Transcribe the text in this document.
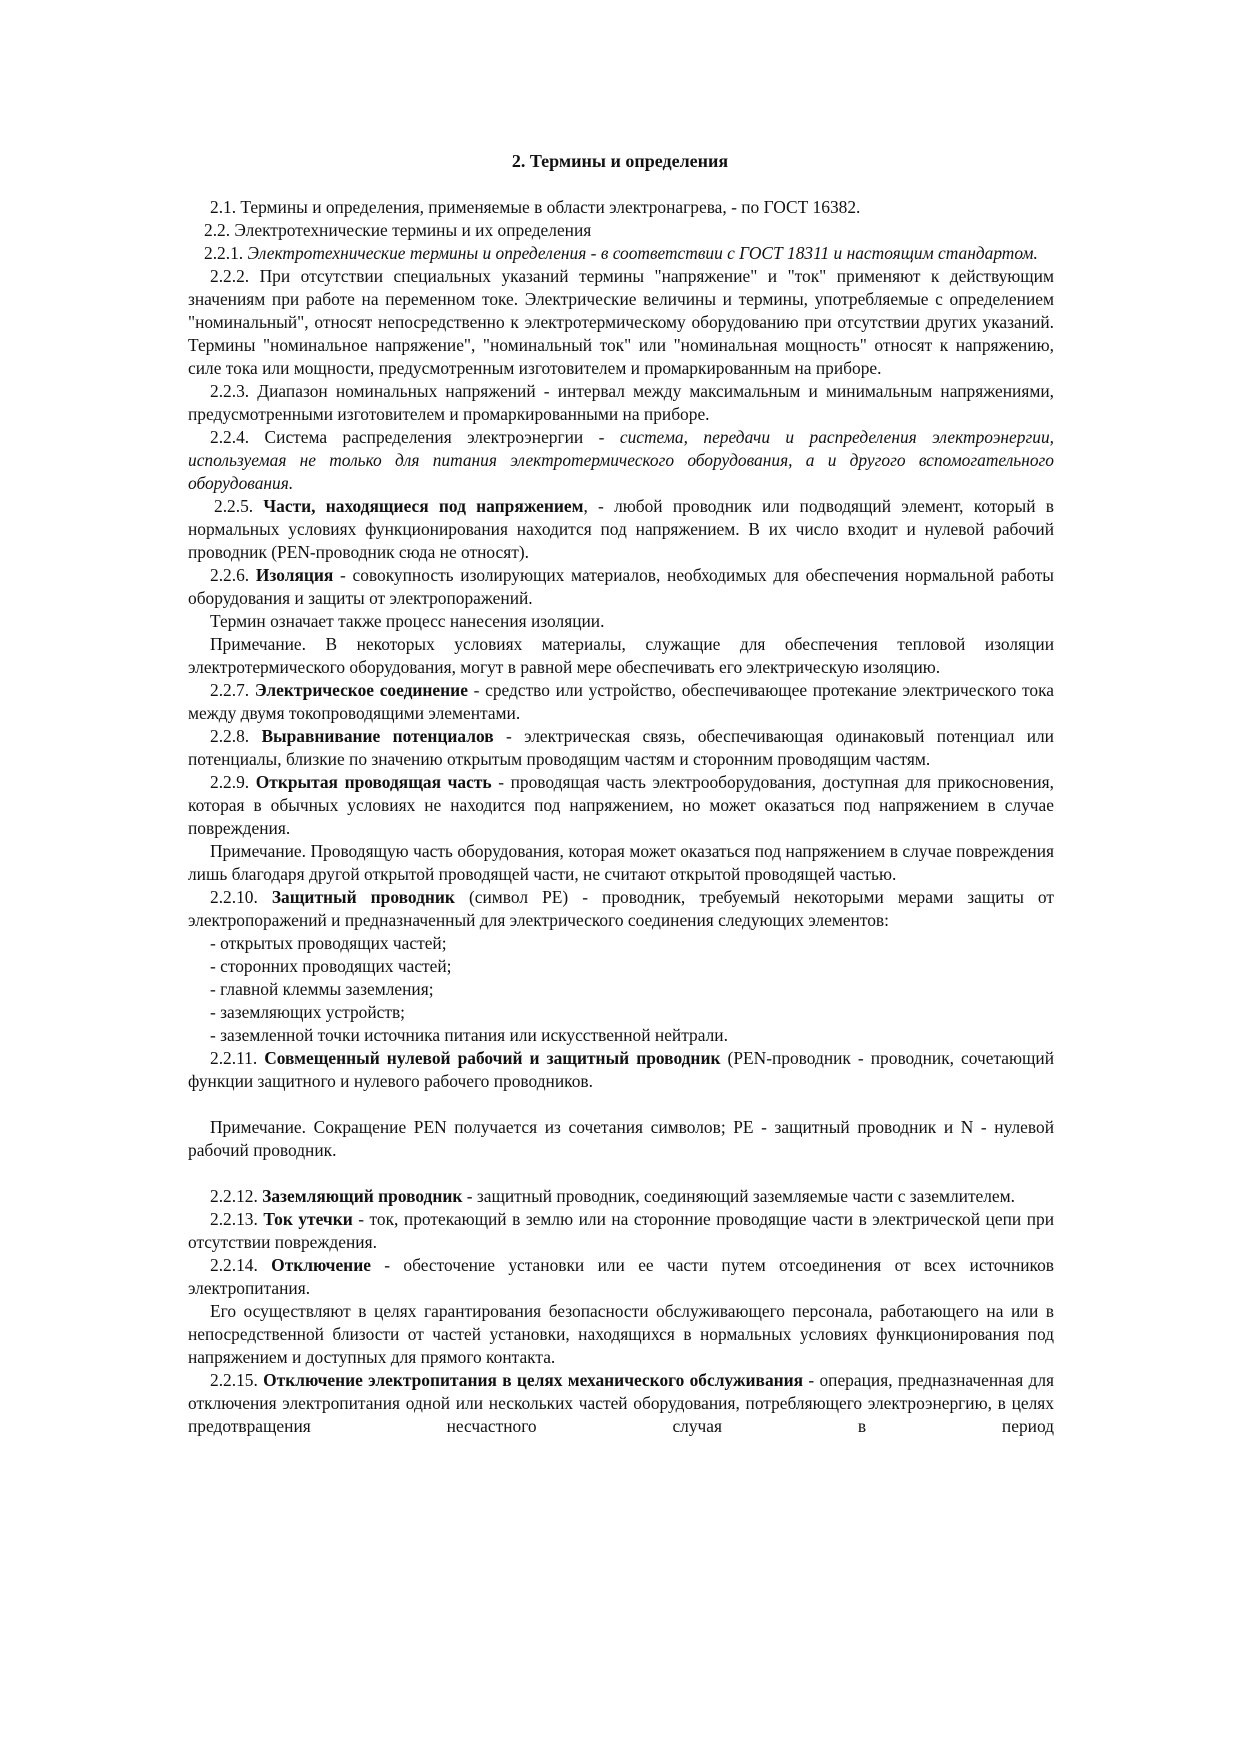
2. Термины и определения

2.1. Термины и определения, применяемые в области электронагрева, - по ГОСТ 16382.

2.2. Электротехнические термины и их определения

2.2.1. Электротехнические термины и определения - в соответствии с ГОСТ 18311 и настоящим стандартом.

2.2.2. При отсутствии специальных указаний термины "напряжение" и "ток" применяют к действующим значениям при работе на переменном токе. Электрические величины и термины, употребляемые с определением "номинальный", относят непосредственно к электротермическому оборудованию при отсутствии других указаний. Термины "номинальное напряжение", "номинальный ток" или "номинальная мощность" относят к напряжению, силе тока или мощности, предусмотренным изготовителем и промаркированным на приборе.

2.2.3. Диапазон номинальных напряжений - интервал между максимальным и минимальным напряжениями, предусмотренными изготовителем и промаркированными на приборе.

2.2.4. Система распределения электроэнергии - система, передачи и распределения электроэнергии, используемая не только для питания электротермического оборудования, а и другого вспомогательного оборудования.

2.2.5. Части, находящиеся под напряжением, - любой проводник или подводящий элемент, который в нормальных условиях функционирования находится под напряжением. В их число входит и нулевой рабочий проводник (PEN-проводник сюда не относят).

2.2.6. Изоляция - совокупность изолирующих материалов, необходимых для обеспечения нормальной работы оборудования и защиты от электропоражений.

Термин означает также процесс нанесения изоляции.

Примечание. В некоторых условиях материалы, служащие для обеспечения тепловой изоляции электротермического оборудования, могут в равной мере обеспечивать его электрическую изоляцию.

2.2.7. Электрическое соединение - средство или устройство, обеспечивающее протекание электрического тока между двумя токопроводящими элементами.

2.2.8. Выравнивание потенциалов - электрическая связь, обеспечивающая одинаковый потенциал или потенциалы, близкие по значению открытым проводящим частям и сторонним проводящим частям.

2.2.9. Открытая проводящая часть - проводящая часть электрооборудования, доступная для прикосновения, которая в обычных условиях не находится под напряжением, но может оказаться под напряжением в случае повреждения.

Примечание. Проводящую часть оборудования, которая может оказаться под напряжением в случае повреждения лишь благодаря другой открытой проводящей части, не считают открытой проводящей частью.

2.2.10. Защитный проводник (символ PE) - проводник, требуемый некоторыми мерами защиты от электропоражений и предназначенный для электрического соединения следующих элементов:

- открытых проводящих частей;

- сторонних проводящих частей;

- главной клеммы заземления;

- заземляющих устройств;

- заземленной точки источника питания или искусственной нейтрали.

2.2.11. Совмещенный нулевой рабочий и защитный проводник (PEN-проводник - проводник, сочетающий функции защитного и нулевого рабочего проводников.

Примечание. Сокращение PEN получается из сочетания символов; PE - защитный проводник и N - нулевой рабочий проводник.

2.2.12. Заземляющий проводник - защитный проводник, соединяющий заземляемые части с заземлителем.

2.2.13. Ток утечки - ток, протекающий в землю или на сторонние проводящие части в электрической цепи при отсутствии повреждения.

2.2.14. Отключение - обесточение установки или ее части путем отсоединения от всех источников электропитания.

Его осуществляют в целях гарантирования безопасности обслуживающего персонала, работающего на или в непосредственной близости от частей установки, находящихся в нормальных условиях функционирования под напряжением и доступных для прямого контакта.

2.2.15. Отключение электропитания в целях механического обслуживания - операция, предназначенная для отключения электропитания одной или нескольких частей оборудования, потребляющего электроэнергию, в целях предотвращения несчастного случая в период
